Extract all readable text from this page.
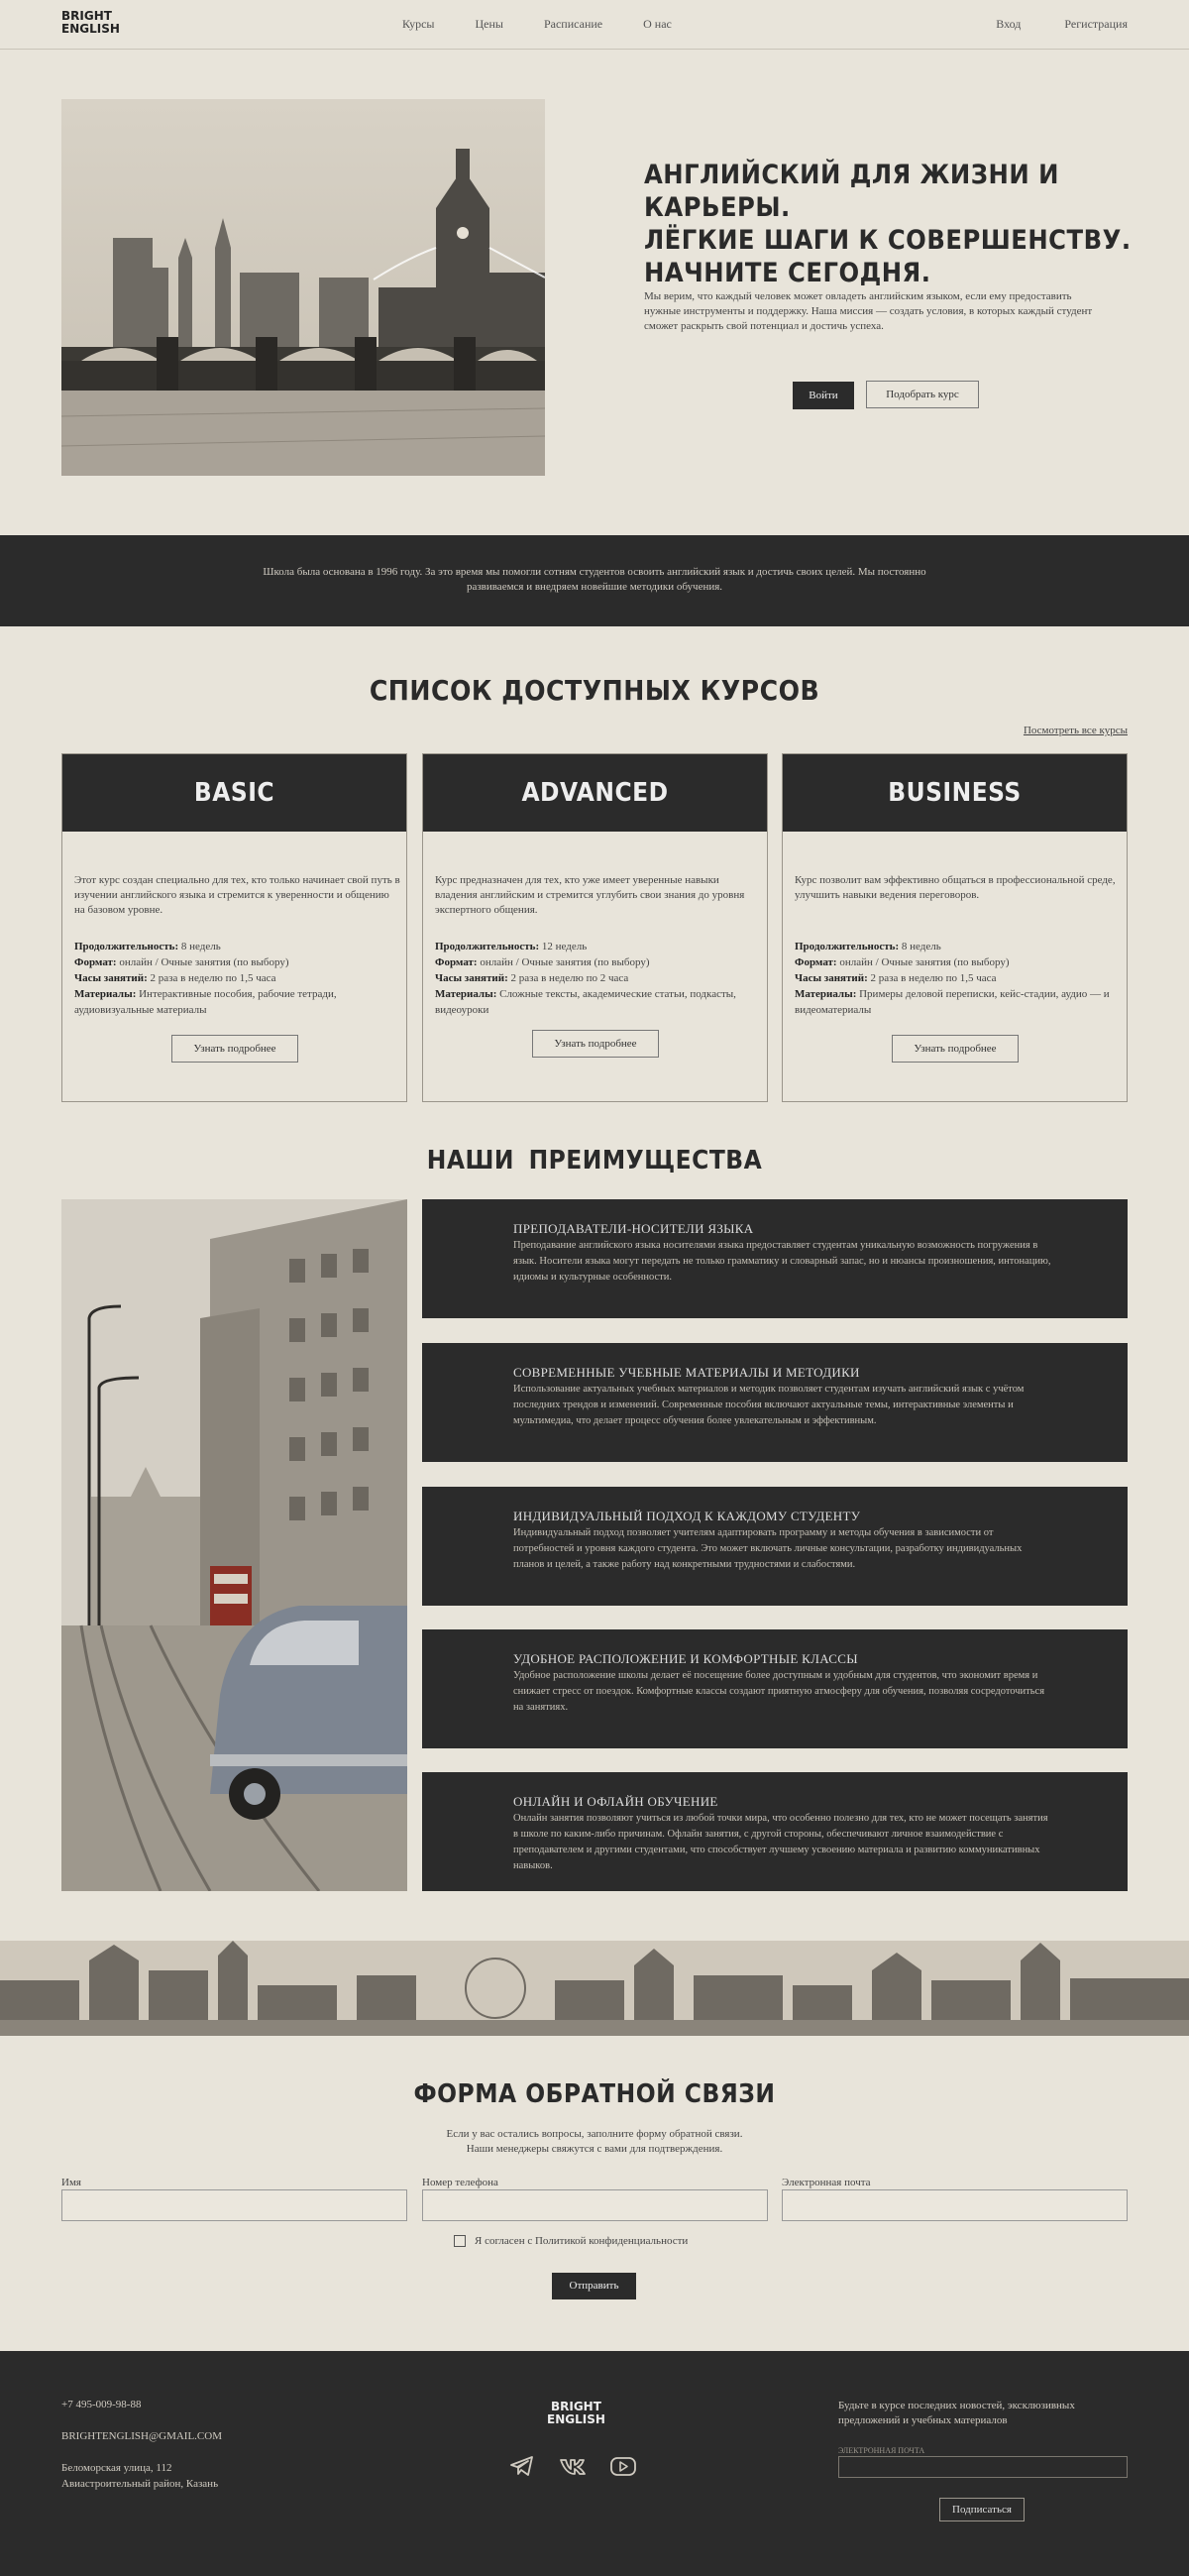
BRIGHT
ENGLISH	Курсы	Цены	Расписание	О нас	Вход	Регистрация
АНГЛИЙСКИЙ ДЛЯ ЖИЗНИ И КАРЬЕРЫ.
ЛЁГКИЕ ШАГИ К СОВЕРШЕНСТВУ.
НАЧНИТЕ СЕГОДНЯ.
Мы верим, что каждый человек может овладеть английским языком, если ему предоставить нужные инструменты и поддержку. Наша миссия — создать условия, в которых каждый студент сможет раскрыть свой потенциал и достичь успеха.
Войти	Подобрать курс
Школа была основана в 1996 году. За это время мы помогли сотням студентов освоить английский язык и достичь своих целей. Мы постоянно развиваемся и внедряем новейшие методики обучения.
СПИСОК ДОСТУПНЫХ КУРСОВ
Посмотреть все курсы
BASIC
Этот курс создан специально для тех, кто только начинает свой путь в изучении английского языка и стремится к уверенности и общению на базовом уровне.
Продолжительность: 8 недель
Формат: онлайн / Очные занятия (по выбору)
Часы занятий: 2 раза в неделю по 1,5 часа
Материалы: Интерактивные пособия, рабочие тетради, аудиовизуальные материалы
Узнать подробнее
ADVANCED
Курс предназначен для тех, кто уже имеет уверенные навыки владения английским и стремится углубить свои знания до уровня экспертного общения.
Продолжительность: 12 недель
Формат: онлайн / Очные занятия (по выбору)
Часы занятий: 2 раза в неделю по 2 часа
Материалы: Сложные тексты, академические статьи, подкасты, видеоуроки
Узнать подробнее
BUSINESS
Курс позволит вам эффективно общаться в профессиональной среде, улучшить навыки ведения переговоров.
Продолжительность: 8 недель
Формат: онлайн / Очные занятия (по выбору)
Часы занятий: 2 раза в неделю по 1,5 часа
Материалы: Примеры деловой переписки, кейс-стадии, аудио — и видеоматериалы
Узнать подробнее
НАШИ ПРЕИМУЩЕСТВА
ПРЕПОДАВАТЕЛИ-НОСИТЕЛИ ЯЗЫКА
Преподавание английского языка носителями языка предоставляет студентам уникальную возможность погружения в язык. Носители языка могут передать не только грамматику и словарный запас, но и нюансы произношения, интонацию, идиомы и культурные особенности.
СОВРЕМЕННЫЕ УЧЕБНЫЕ МАТЕРИАЛЫ И МЕТОДИКИ
Использование актуальных учебных материалов и методик позволяет студентам изучать английский язык с учётом последних трендов и изменений. Современные пособия включают актуальные темы, интерактивные элементы и мультимедиа, что делает процесс обучения более увлекательным и эффективным.
ИНДИВИДУАЛЬНЫЙ ПОДХОД К КАЖДОМУ СТУДЕНТУ
Индивидуальный подход позволяет учителям адаптировать программу и методы обучения в зависимости от потребностей и уровня каждого студента. Это может включать личные консультации, разработку индивидуальных планов и целей, а также работу над конкретными трудностями и слабостями.
УДОБНОЕ РАСПОЛОЖЕНИЕ И КОМФОРТНЫЕ КЛАССЫ
Удобное расположение школы делает её посещение более доступным и удобным для студентов, что экономит время и снижает стресс от поездок. Комфортные классы создают приятную атмосферу для обучения, позволяя сосредоточиться на занятиях.
ОНЛАЙН И ОФЛАЙН ОБУЧЕНИЕ
Онлайн занятия позволяют учиться из любой точки мира, что особенно полезно для тех, кто не может посещать занятия в школе по каким-либо причинам. Офлайн занятия, с другой стороны, обеспечивают личное взаимодействие с преподавателем и другими студентами, что способствует лучшему усвоению материала и развитию коммуникативных навыков.
ФОРМА ОБРАТНОЙ СВЯЗИ
Если у вас остались вопросы, заполните форму обратной связи.
Наши менеджеры свяжутся с вами для подтверждения.
Имя	Номер телефона	Электронная почта
Я согласен с Политикой конфиденциальности
Отправить
+7 495-009-98-88
BRIGHTENGLISH@GMAIL.COM
Беломорская улица, 112
Авиастроительный район, Казань
BRIGHT
ENGLISH
Будьте в курсе последних новостей, эксклюзивных предложений и учебных материалов
ЭЛЕКТРОННАЯ ПОЧТА
Подписаться
